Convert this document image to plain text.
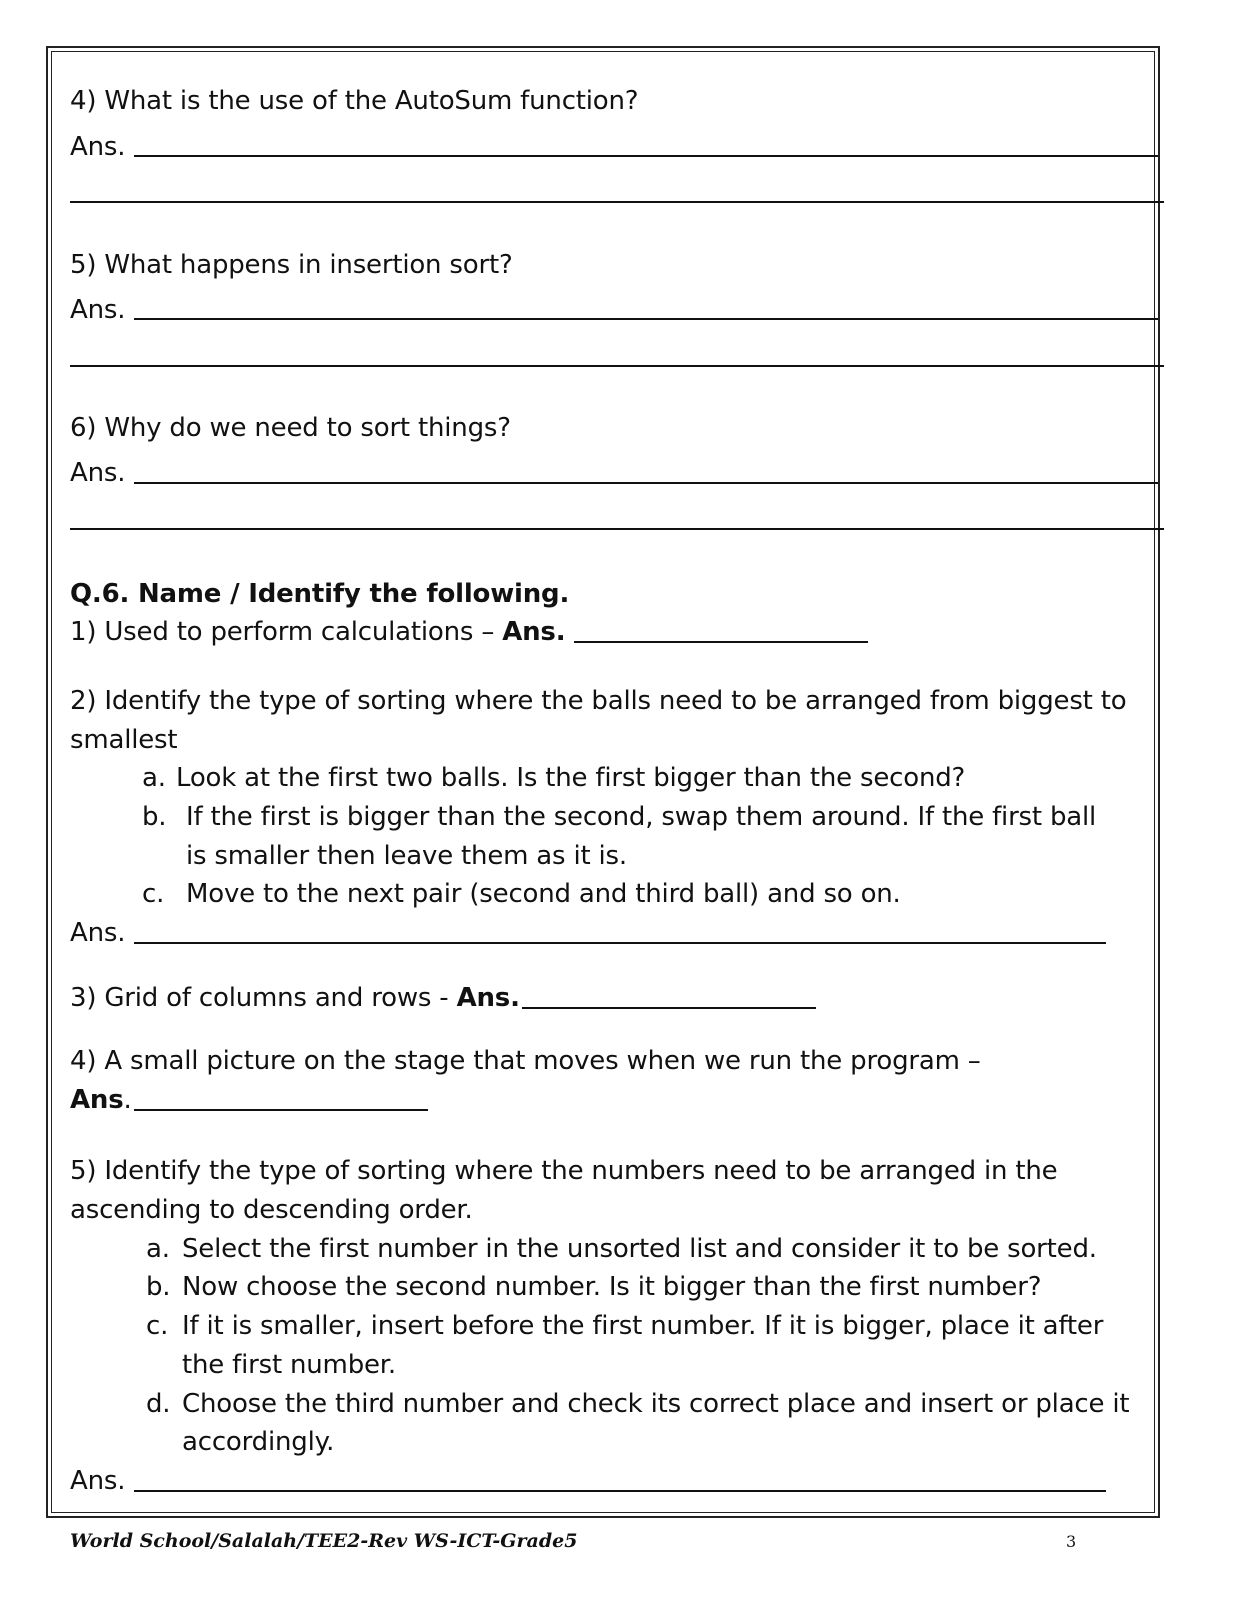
4) What is the use of the AutoSum function?
Ans.
5) What happens in insertion sort?
Ans.
6) Why do we need to sort things?
Ans.
Q.6. Name / Identify the following.
1) Used to perform calculations – Ans.
2) Identify the type of sorting where the balls need to be arranged from biggest to
smallest
a. Look at the first two balls. Is the first bigger than the second?
b. If the first is bigger than the second, swap them around. If the first ball
is smaller then leave them as it is.
c. Move to the next pair (second and third ball) and so on.
Ans.
3) Grid of columns and rows - Ans.
4) A small picture on the stage that moves when we run the program –
Ans.
5) Identify the type of sorting where the numbers need to be arranged in the
ascending to descending order.
a. Select the first number in the unsorted list and consider it to be sorted.
b. Now choose the second number. Is it bigger than the first number?
c. If it is smaller, insert before the first number. If it is bigger, place it after
the first number.
d. Choose the third number and check its correct place and insert or place it
accordingly.
Ans.
World School/Salalah/TEE2-Rev WS-ICT-Grade5	3
